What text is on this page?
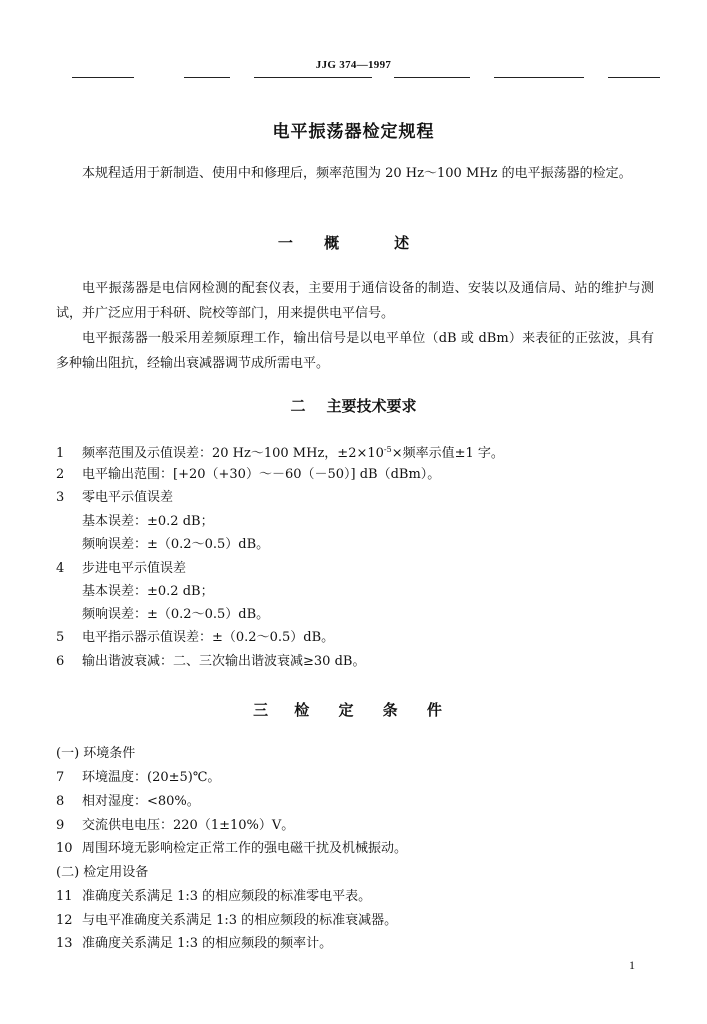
JJG 374—1997
电平振荡器检定规程
本规程适用于新制造、使用中和修理后，频率范围为 20 Hz～100 MHz 的电平振荡器的检定。
一 概　述
电平振荡器是电信网检测的配套仪表，主要用于通信设备的制造、安装以及通信局、站的维护与测试，并广泛应用于科研、院校等部门，用来提供电平信号。
电平振荡器一般采用差频原理工作，输出信号是以电平单位（dB 或 dBm）来表征的正弦波，具有多种输出阻抗，经输出衰减器调节成所需电平。
二 主要技术要求
1 频率范围及示值误差：20 Hz～100 MHz，$\pm 2\times 10^{-5}\times$频率示值±1 字。
2 电平输出范围：[+20（+30）～－60（－50）] dB（dBm）。
3 零电平示值误差
基本误差：±0.2 dB；
频响误差：±（0.2～0.5）dB。
4 步进电平示值误差
基本误差：±0.2 dB；
频响误差：±（0.2～0.5）dB。
5 电平指示器示值误差：±（0.2～0.5）dB。
6 输出谐波衰减：二、三次输出谐波衰减≥30 dB。
三 检 定 条 件
(一) 环境条件
7 环境温度：(20±5)℃。
8 相对湿度：<80%。
9 交流供电电压：220（1±10%）V。
10 周围环境无影响检定正常工作的强电磁干扰及机械振动。
(二) 检定用设备
11 准确度关系满足 1:3 的相应频段的标准零电平表。
12 与电平准确度关系满足 1:3 的相应频段的标准衰减器。
13 准确度关系满足 1:3 的相应频段的频率计。
1
